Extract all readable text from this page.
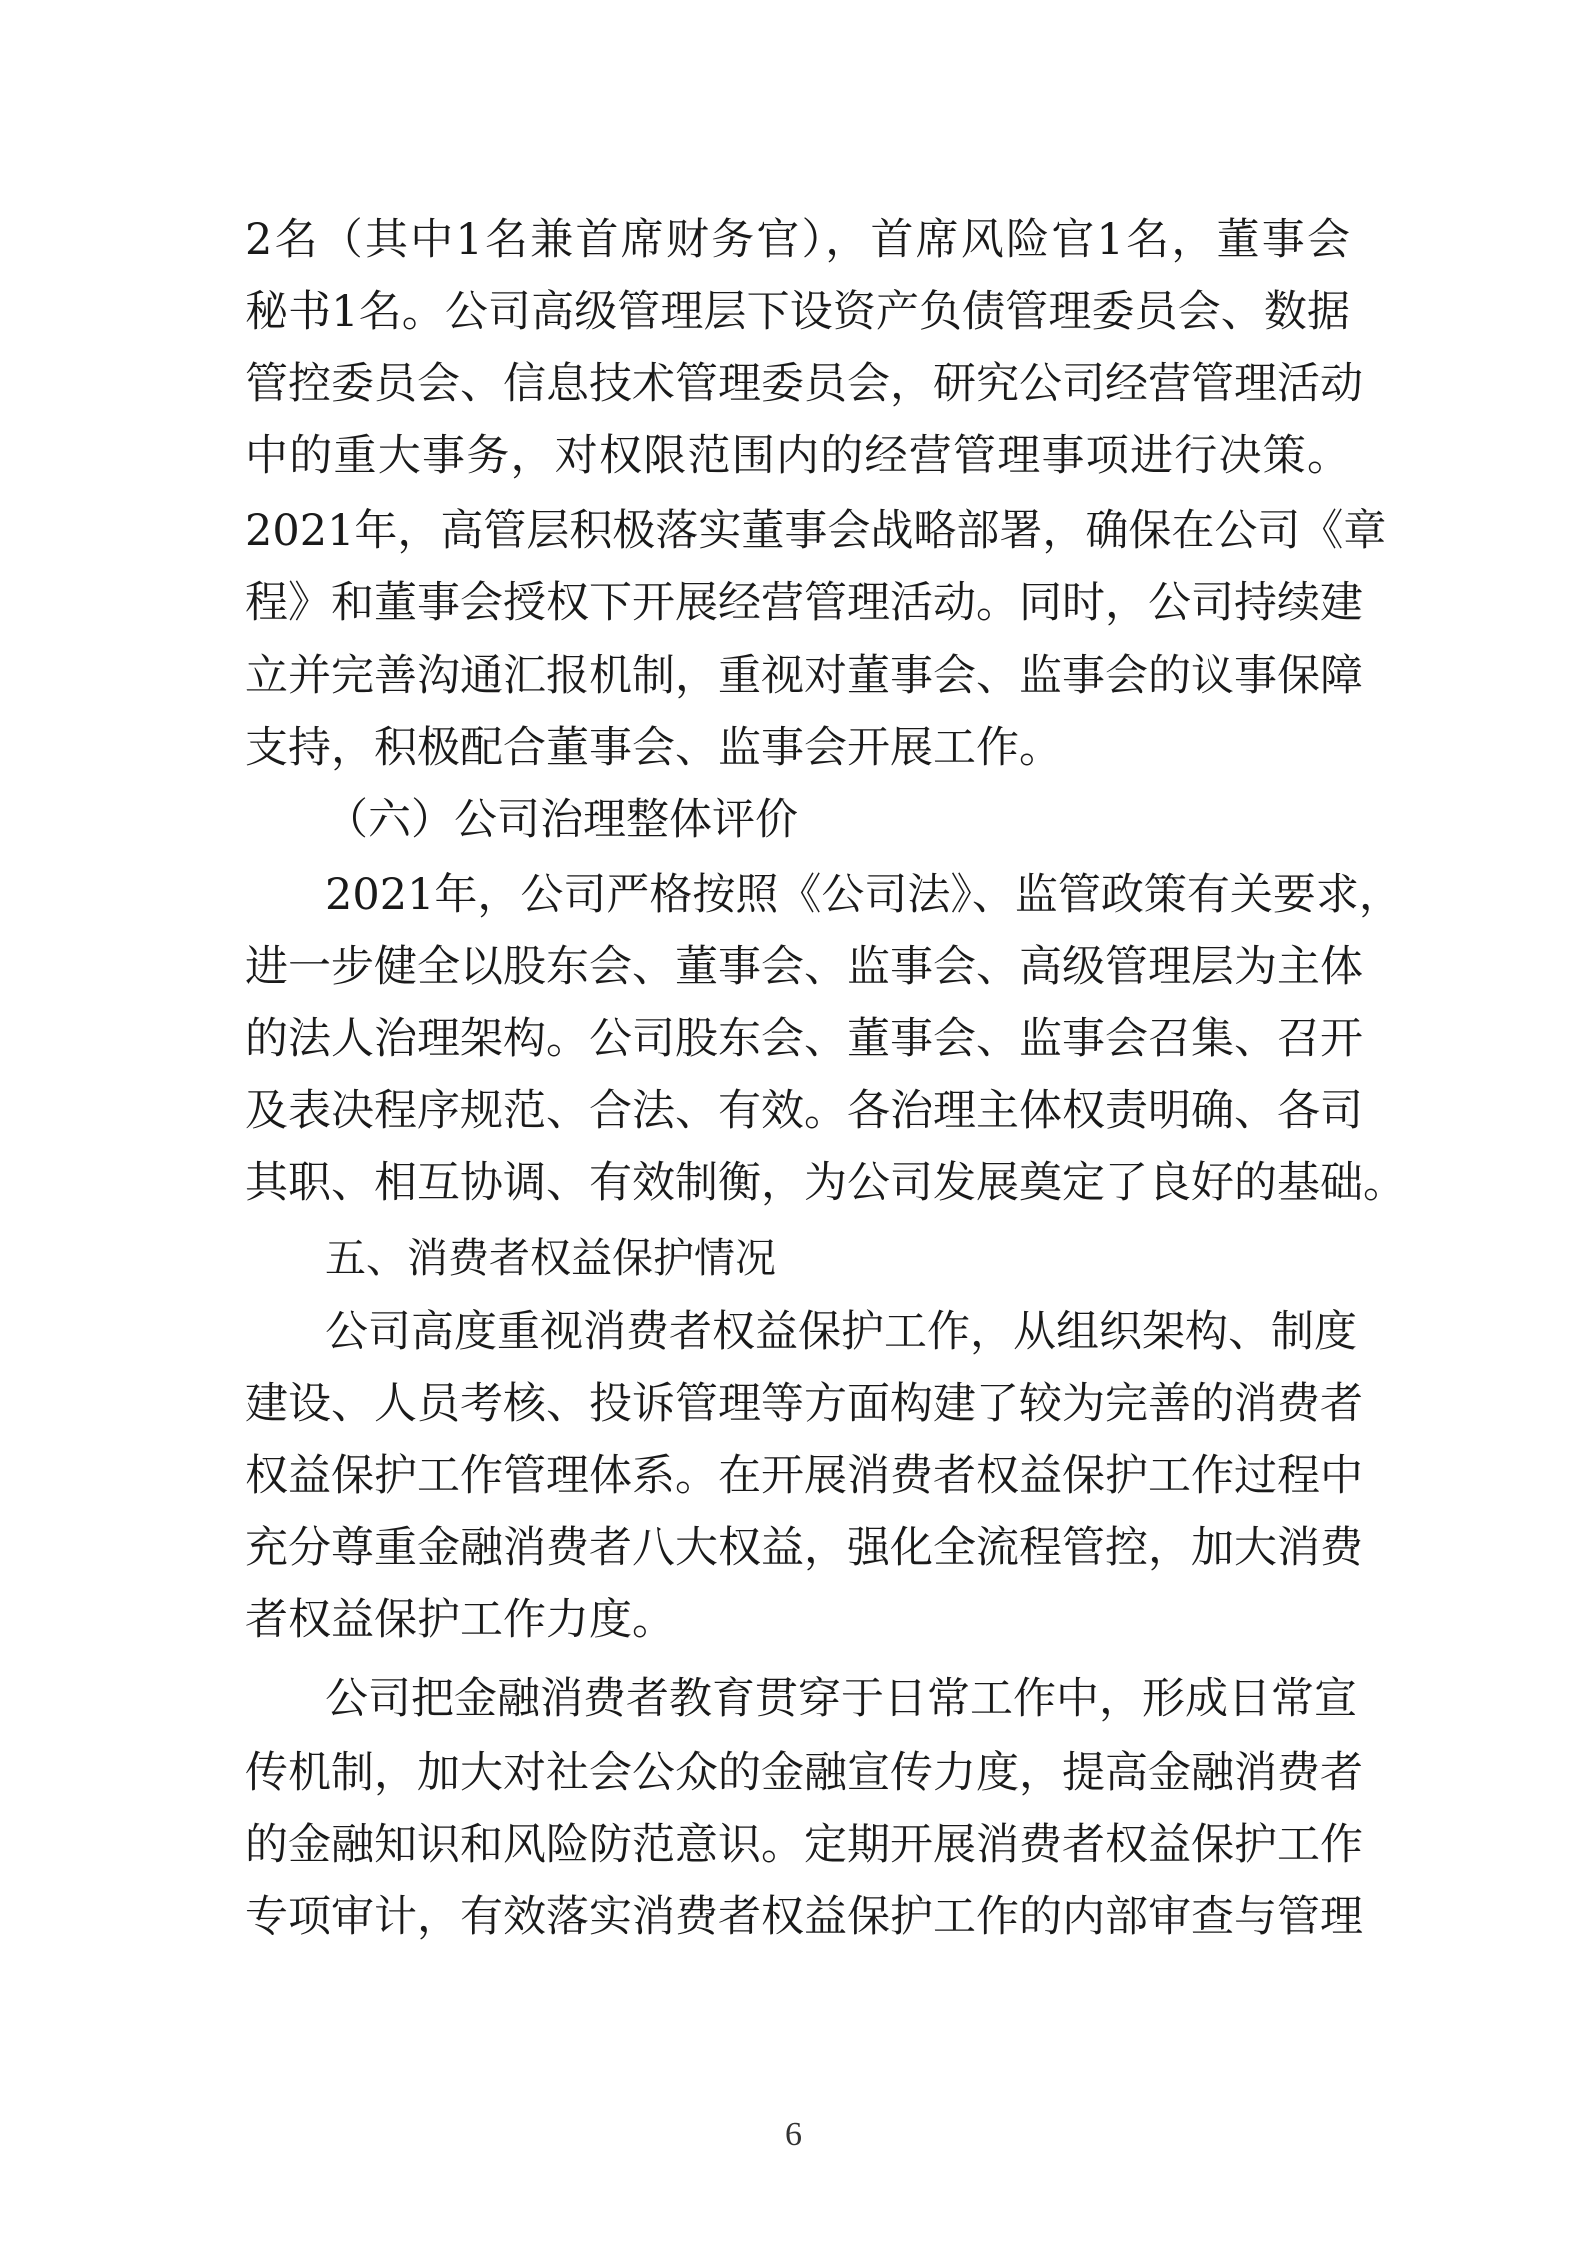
2名（其中1名兼首席财务官），首席风险官1名，董事会
秘书1名。公司高级管理层下设资产负债管理委员会、数据
管控委员会、信息技术管理委员会，研究公司经营管理活动
中的重大事务，对权限范围内的经营管理事项进行决策。
2021年，高管层积极落实董事会战略部署，确保在公司《章
程》和董事会授权下开展经营管理活动。同时，公司持续建
立并完善沟通汇报机制，重视对董事会、监事会的议事保障
支持，积极配合董事会、监事会开展工作。
（六）公司治理整体评价
2021年，公司严格按照《公司法》、监管政策有关要求，
进一步健全以股东会、董事会、监事会、高级管理层为主体
的法人治理架构。公司股东会、董事会、监事会召集、召开
及表决程序规范、合法、有效。各治理主体权责明确、各司
其职、相互协调、有效制衡，为公司发展奠定了良好的基础。
五、消费者权益保护情况
公司高度重视消费者权益保护工作，从组织架构、制度
建设、人员考核、投诉管理等方面构建了较为完善的消费者
权益保护工作管理体系。在开展消费者权益保护工作过程中
充分尊重金融消费者八大权益，强化全流程管控，加大消费
者权益保护工作力度。
公司把金融消费者教育贯穿于日常工作中，形成日常宣
传机制，加大对社会公众的金融宣传力度，提高金融消费者
的金融知识和风险防范意识。定期开展消费者权益保护工作
专项审计，有效落实消费者权益保护工作的内部审查与管理
6
